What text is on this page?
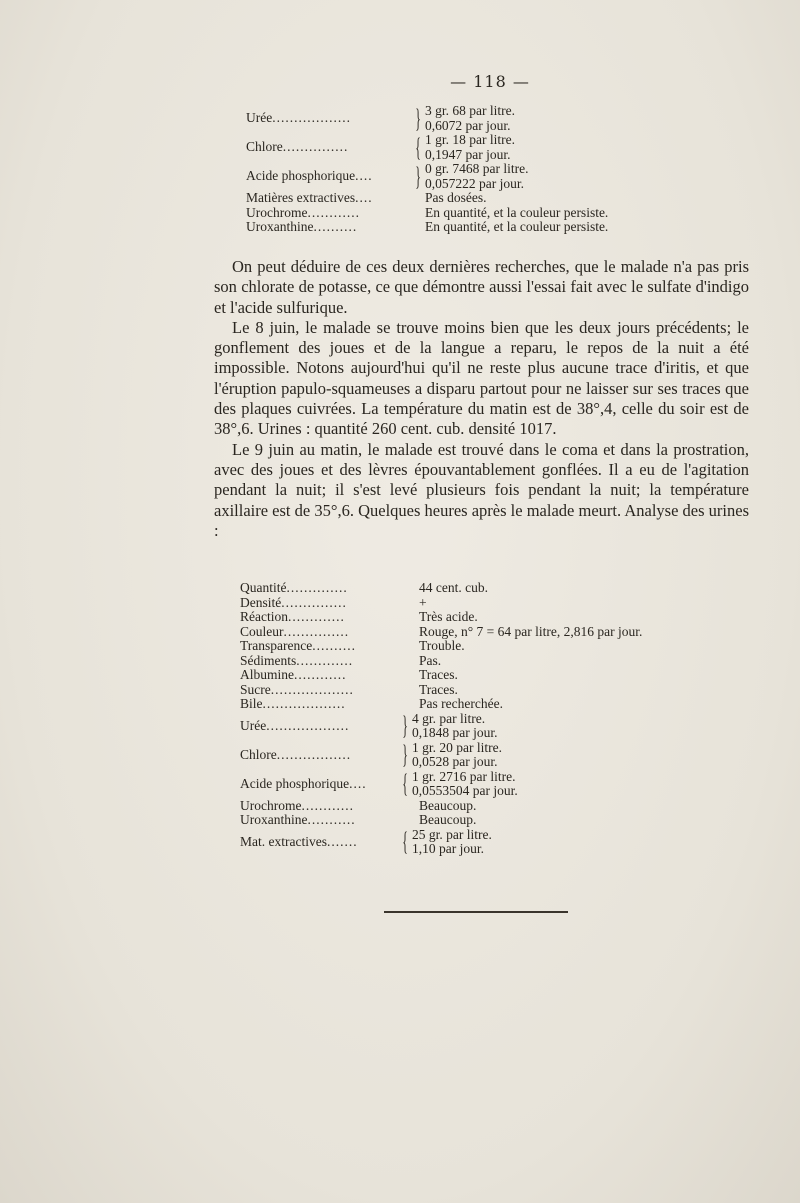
— 118 —
Urée..................	} 3 gr. 68 par litre.
0,6072 par jour.
Chlore...............	{ 1 gr. 18 par litre.
0,1947 par jour.
Acide phosphorique....	} 0 gr. 7468 par litre.
0,057222 par jour.
Matières extractives....	Pas dosées.
Urochrome............	En quantité, et la couleur persiste.
Uroxanthine..........	En quantité, et la couleur persiste.

On peut déduire de ces deux dernières recherches, que le malade n'a pas pris son chlorate de potasse, ce que démontre aussi l'essai fait avec le sulfate d'indigo et l'acide sulfurique.

Le 8 juin, le malade se trouve moins bien que les deux jours précédents; le gonflement des joues et de la langue a reparu, le repos de la nuit a été impossible. Notons aujourd'hui qu'il ne reste plus aucune trace d'iritis, et que l'éruption papulo-squameuses a disparu partout pour ne laisser sur ses traces que des plaques cuivrées. La température du matin est de 38°,4, celle du soir est de 38°,6. Urines : quantité 260 cent. cub. densité 1017.

Le 9 juin au matin, le malade est trouvé dans le coma et dans la prostration, avec des joues et des lèvres épouvantablement gonflées. Il a eu de l'agitation pendant la nuit; il s'est levé plusieurs fois pendant la nuit; la température axillaire est de 35°,6. Quelques heures après le malade meurt. Analyse des urines :

Quantité..............	44 cent. cub.
Densité...............	+
Réaction.............	Très acide.
Couleur...............	Rouge, n° 7 = 64 par litre, 2,816 par jour.
Transparence..........	Trouble.
Sédiments.............	Pas.
Albumine............	Traces.
Sucre...................	Traces.
Bile...................	Pas recherchée.
Urée...................	} 4 gr. par litre.
0,1848 par jour.
Chlore.................	} 1 gr. 20 par litre.
0,0528 par jour.
Acide phosphorique....	{ 1 gr. 2716 par litre.
0,0553504 par jour.
Urochrome............	Beaucoup.
Uroxanthine...........	Beaucoup.
Mat. extractives.......	{ 25 gr. par litre.
1,10 par jour.
